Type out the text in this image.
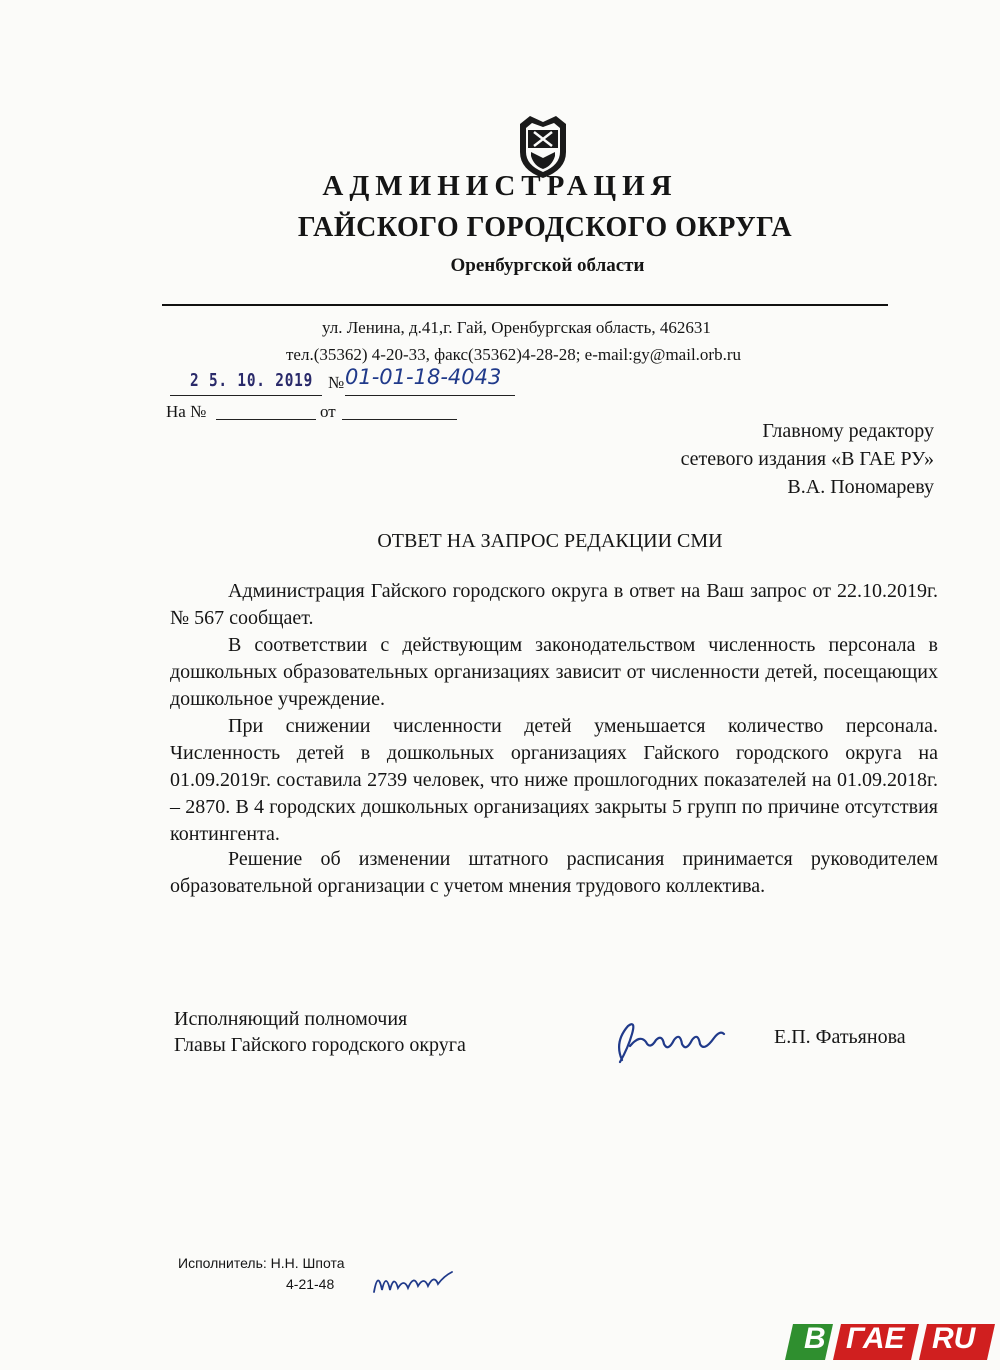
АДМИНИСТРАЦИЯ
ГАЙСКОГО ГОРОДСКОГО ОКРУГА
Оренбургской области
ул. Ленина, д.41,г. Гай, Оренбургская область, 462631
тел.(35362) 4-20-33, факс(35362)4-28-28; e-mail:gy@mail.orb.ru
2 5. 10. 2019 № 01-01-18-4043
На №	от
Главному редактору
сетевого издания «В ГАЕ РУ»
В.А. Пономареву
ОТВЕТ НА ЗАПРОС РЕДАКЦИИ СМИ

Администрация Гайского городского округа в ответ на Ваш запрос от 22.10.2019г. № 567 сообщает.

В соответствии с действующим законодательством численность персонала в дошкольных образовательных организациях зависит от численности детей, посещающих дошкольное учреждение.

При снижении численности детей уменьшается количество персонала. Численность детей в дошкольных организациях Гайского городского округа на 01.09.2019г. составила 2739 человек, что ниже прошлогодних показателей на 01.09.2018г. – 2870. В 4 городских дошкольных организациях закрыты 5 групп по причине отсутствия контингента.

Решение об изменении штатного расписания принимается руководителем образовательной организации с учетом мнения трудового коллектива.

Исполняющий полномочия
Главы Гайского городского округа	Е.П. Фатьянова
Исполнитель: Н.Н. Шпота
4-21-48
B ГАЕ RU
